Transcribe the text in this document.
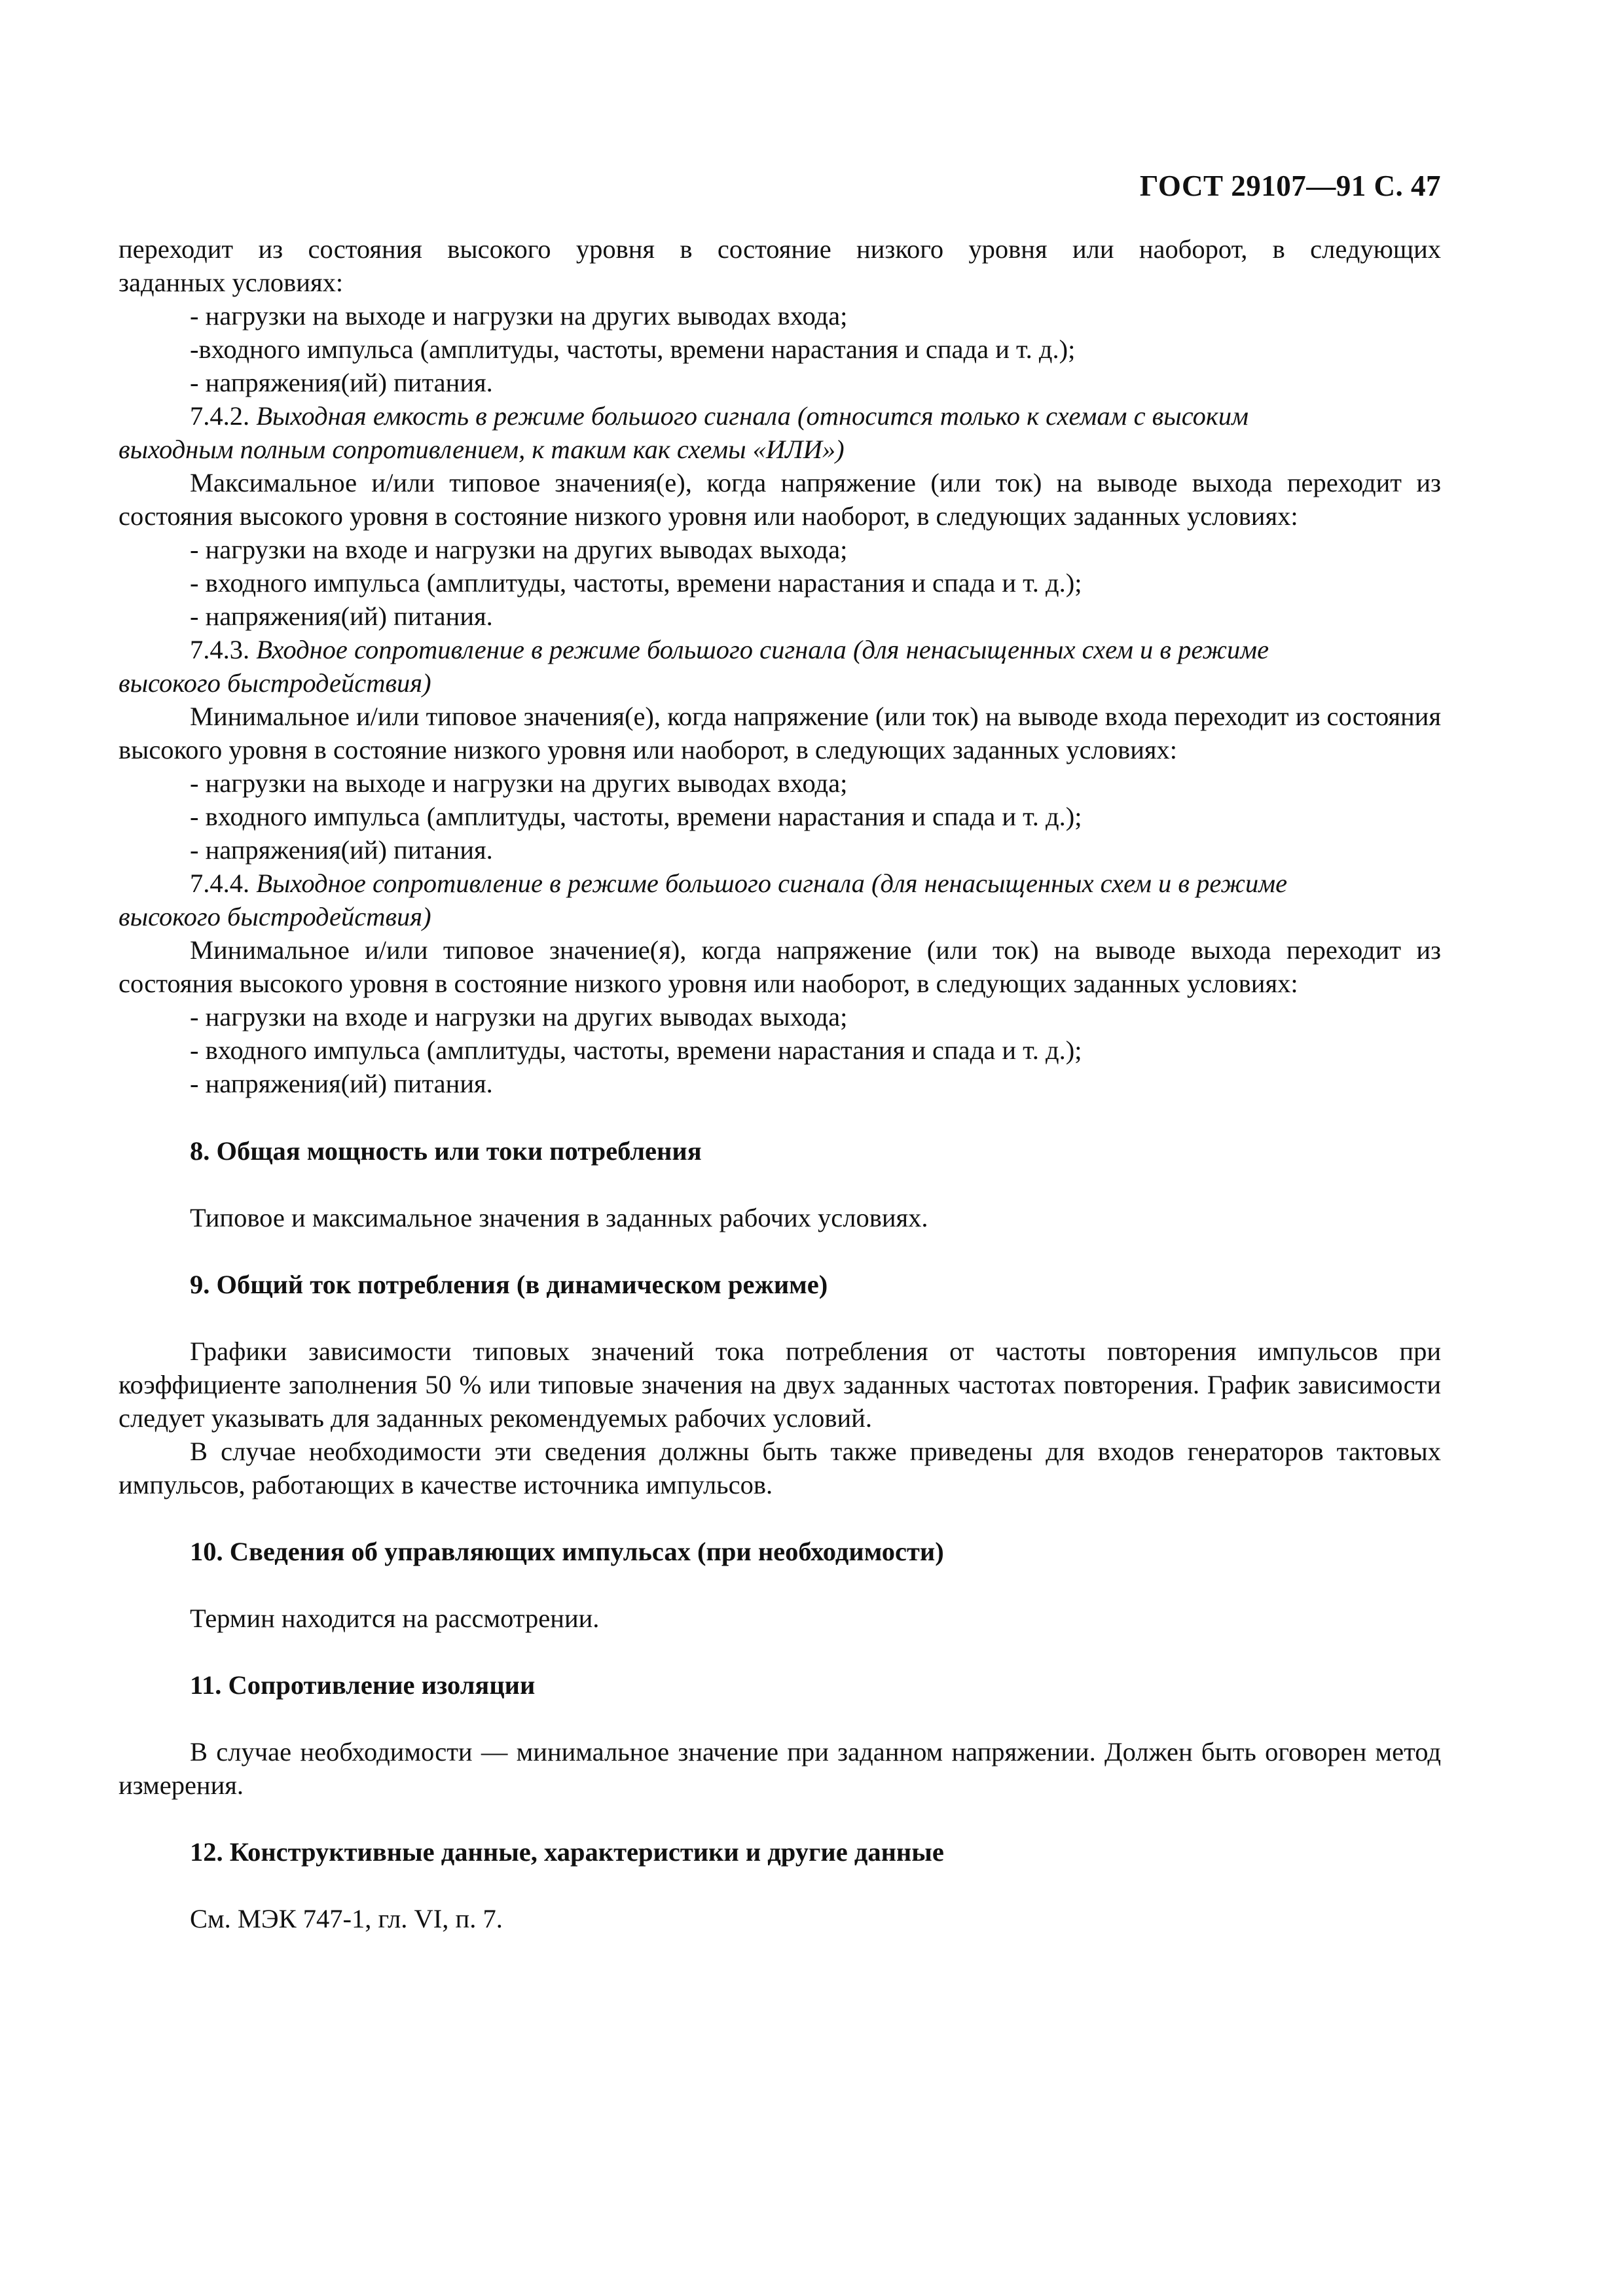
ГОСТ 29107—91 С. 47

переходит из состояния высокого уровня в состояние низкого уровня или наоборот, в следующих

заданных условиях:

- нагрузки на выходе и нагрузки на других выводах входа;

-входного импульса (амплитуды, частоты, времени нарастания и спада и т. д.);

- напряжения(ий) питания.

7.4.2. Выходная емкость в режиме большого сигнала (относится только к схемам с высоким

выходным полным сопротивлением, к таким как схемы «ИЛИ»)

Максимальное и/или типовое значения(е), когда напряжение (или ток) на выводе выхода переходит из состояния высокого уровня в состояние низкого уровня или наоборот, в следующих заданных условиях:

- нагрузки на входе и нагрузки на других выводах выхода;

- входного импульса (амплитуды, частоты, времени нарастания и спада и т. д.);

- напряжения(ий) питания.

7.4.3. Входное сопротивление в режиме большого сигнала (для ненасыщенных схем и в режиме

высокого быстродействия)

Минимальное и/или типовое значения(е), когда напряжение (или ток) на выводе входа переходит из состояния высокого уровня в состояние низкого уровня или наоборот, в следующих заданных условиях:

- нагрузки на выходе и нагрузки на других выводах входа;

- входного импульса (амплитуды, частоты, времени нарастания и спада и т. д.);

- напряжения(ий) питания.

7.4.4. Выходное сопротивление в режиме большого сигнала (для ненасыщенных схем и в режиме

высокого быстродействия)

Минимальное и/или типовое значение(я), когда напряжение (или ток) на выводе выхода переходит из состояния высокого уровня в состояние низкого уровня или наоборот, в следующих заданных условиях:

- нагрузки на входе и нагрузки на других выводах выхода;

- входного импульса (амплитуды, частоты, времени нарастания и спада и т. д.);

- напряжения(ий) питания.

8. Общая мощность или токи потребления

Типовое и максимальное значения в заданных рабочих условиях.

9. Общий ток потребления (в динамическом режиме)

Графики зависимости типовых значений тока потребления от частоты повторения импульсов при коэффициенте заполнения 50 % или типовые значения на двух заданных частотах повторения. График зависимости следует указывать для заданных рекомендуемых рабочих условий.

В случае необходимости эти сведения должны быть также приведены для входов генераторов тактовых импульсов, работающих в качестве источника импульсов.

10. Сведения об управляющих импульсах (при необходимости)

Термин находится на рассмотрении.

11. Сопротивление изоляции

В случае необходимости — минимальное значение при заданном напряжении. Должен быть оговорен метод измерения.

12. Конструктивные данные, характеристики и другие данные

См. МЭК 747-1, гл. VI, п. 7.
